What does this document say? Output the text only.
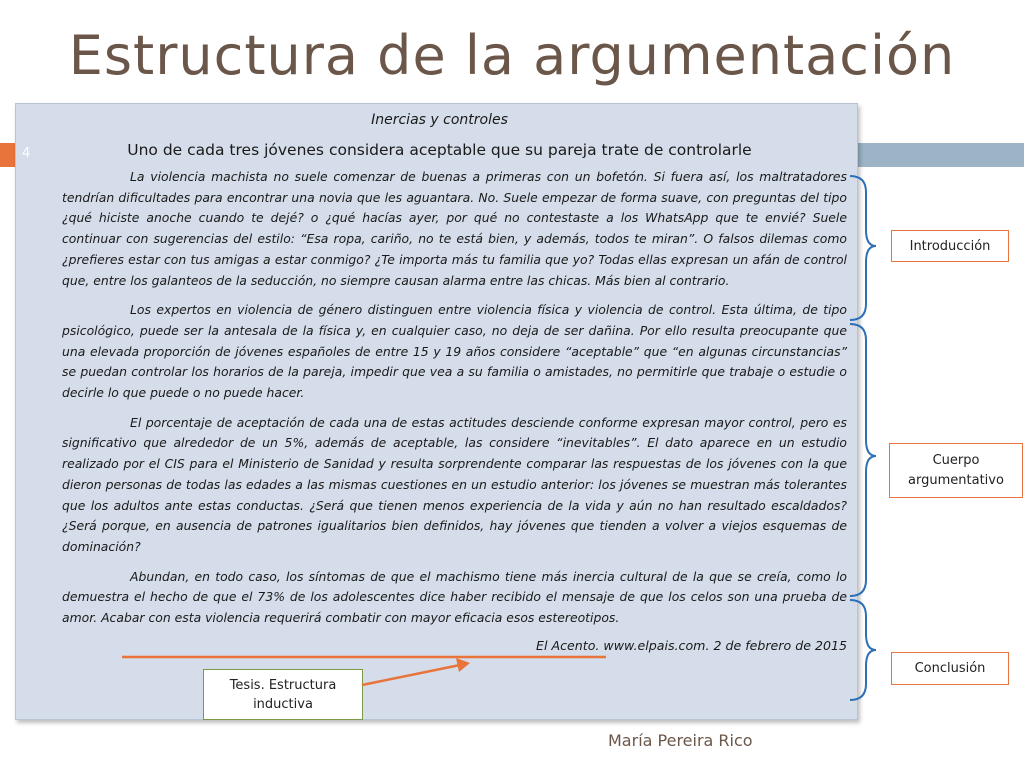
Estructura de la argumentación
4
Inercias y controles
Uno de cada tres jóvenes considera aceptable que su pareja trate de controlarle

La violencia machista no suele comenzar de buenas a primeras con un bofetón. Si fuera así, los maltratadores tendrían dificultades para encontrar una novia que les aguantara. No. Suele empezar de forma suave, con preguntas del tipo ¿qué hiciste anoche cuando te dejé? o ¿qué hacías ayer, por qué no contestaste a los WhatsApp que te envié? Suele continuar con sugerencias del estilo: “Esa ropa, cariño, no te está bien, y además, todos te miran”. O falsos dilemas como ¿prefieres estar con tus amigas a estar conmigo? ¿Te importa más tu familia que yo? Todas ellas expresan un afán de control que, entre los galanteos de la seducción, no siempre causan alarma entre las chicas. Más bien al contrario.

Los expertos en violencia de género distinguen entre violencia física y violencia de control. Esta última, de tipo psicológico, puede ser la antesala de la física y, en cualquier caso, no deja de ser dañina. Por ello resulta preocupante que una elevada proporción de jóvenes españoles de entre 15 y 19 años considere “aceptable” que “en algunas circunstancias” se puedan controlar los horarios de la pareja, impedir que vea a su familia o amistades, no permitirle que trabaje o estudie o decirle lo que puede o no puede hacer.

El porcentaje de aceptación de cada una de estas actitudes desciende conforme expresan mayor control, pero es significativo que alrededor de un 5%, además de aceptable, las considere “inevitables”. El dato aparece en un estudio realizado por el CIS para el Ministerio de Sanidad y resulta sorprendente comparar las respuestas de los jóvenes con la que dieron personas de todas las edades a las mismas cuestiones en un estudio anterior: los jóvenes se muestran más tolerantes que los adultos ante estas conductas. ¿Será que tienen menos experiencia de la vida y aún no han resultado escaldados? ¿Será porque, en ausencia de patrones igualitarios bien definidos, hay jóvenes que tienden a volver a viejos esquemas de dominación?

Abundan, en todo caso, los síntomas de que el machismo tiene más inercia cultural de la que se creía, como lo demuestra el hecho de que el 73% de los adolescentes dice haber recibido el mensaje de que los celos son una prueba de amor. Acabar con esta violencia requerirá combatir con mayor eficacia esos estereotipos.

El Acento. www.elpais.com. 2 de febrero de 2015
Introducción
Cuerpo argumentativo
Conclusión
Tesis. Estructura inductiva
María Pereira Rico
